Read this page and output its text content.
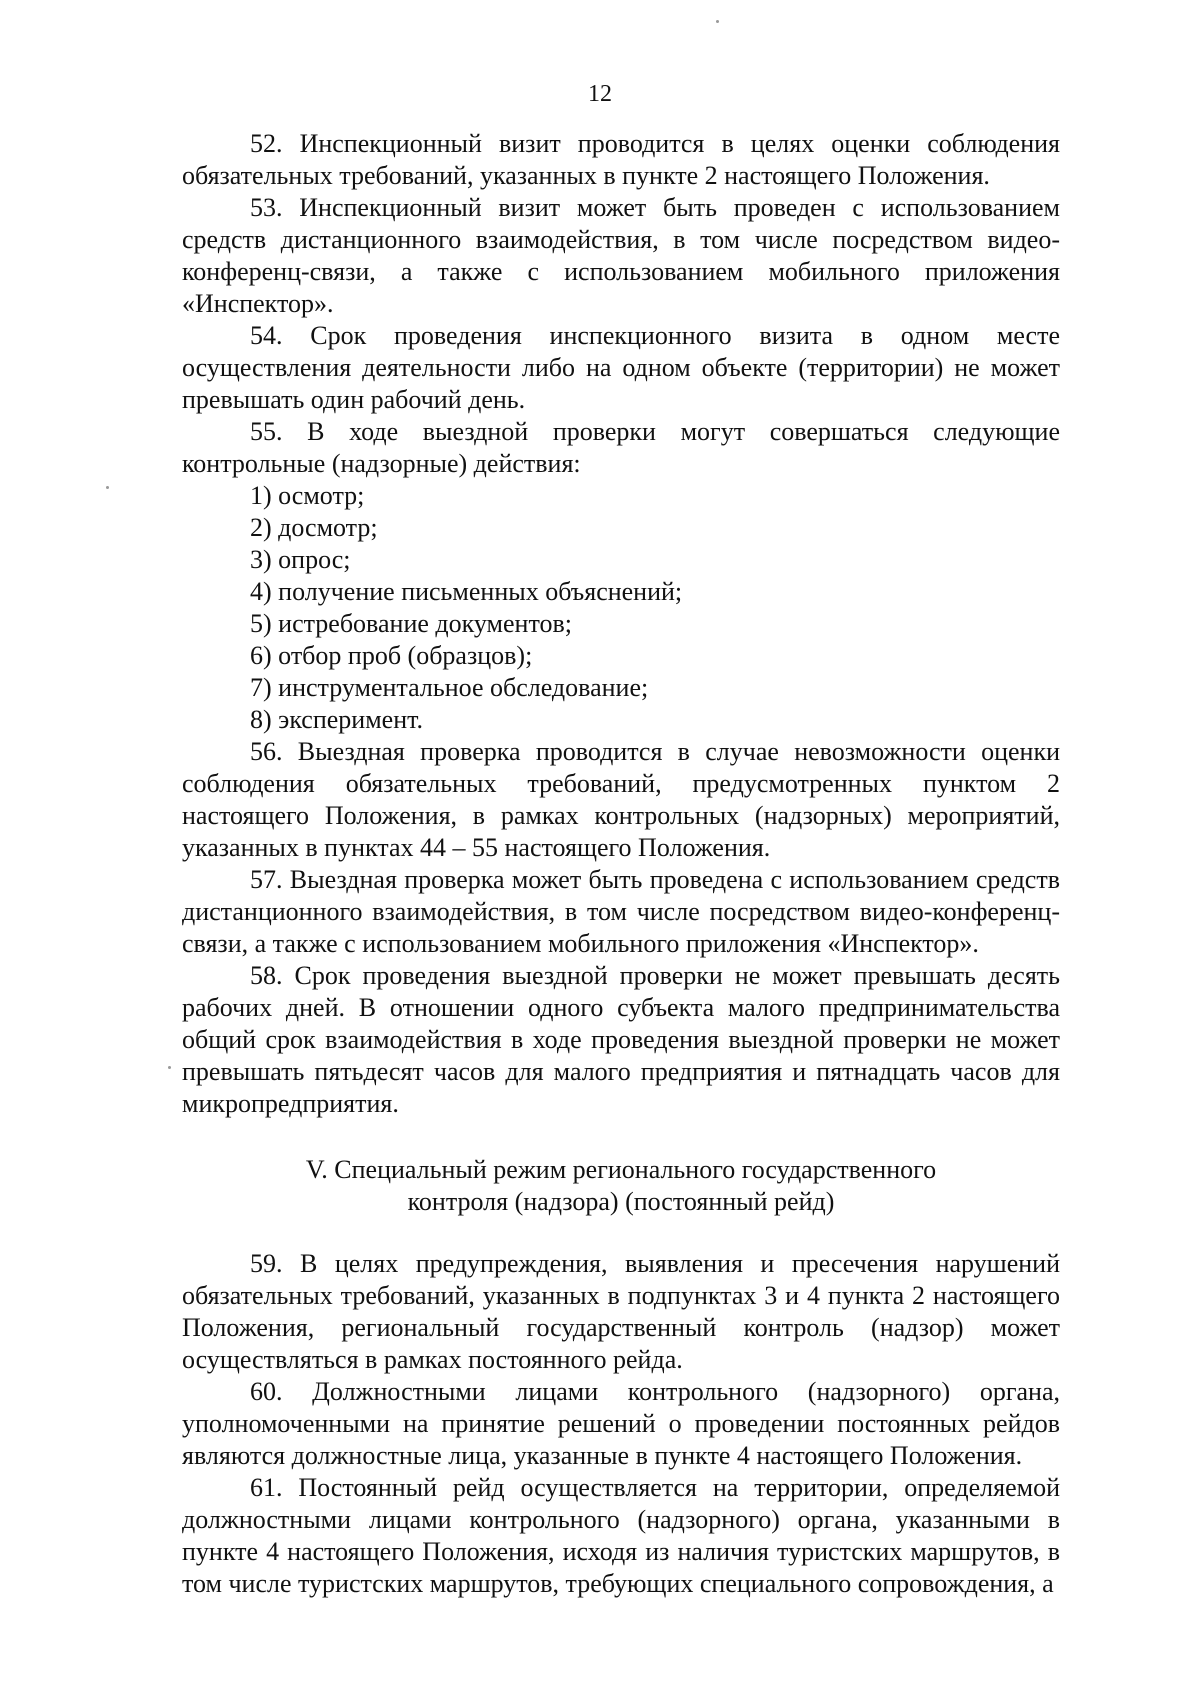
12

52. Инспекционный визит проводится в целях оценки соблюдения обязательных требований, указанных в пункте 2 настоящего Положения.

53. Инспекционный визит может быть проведен с использованием средств дистанционного взаимодействия, в том числе посредством видео-конференц-связи, а также с использованием мобильного приложения «Инспектор».

54. Срок проведения инспекционного визита в одном месте осуществления деятельности либо на одном объекте (территории) не может превышать один рабочий день.

55. В ходе выездной проверки могут совершаться следующие контрольные (надзорные) действия:

1) осмотр;

2) досмотр;

3) опрос;

4) получение письменных объяснений;

5) истребование документов;

6) отбор проб (образцов);

7) инструментальное обследование;

8) эксперимент.

56. Выездная проверка проводится в случае невозможности оценки соблюдения обязательных требований, предусмотренных пунктом 2 настоящего Положения, в рамках контрольных (надзорных) мероприятий, указанных в пунктах 44 – 55 настоящего Положения.

57. Выездная проверка может быть проведена с использованием средств дистанционного взаимодействия, в том числе посредством видео-конференц-связи, а также с использованием мобильного приложения «Инспектор».

58. Срок проведения выездной проверки не может превышать десять рабочих дней. В отношении одного субъекта малого предпринимательства общий срок взаимодействия в ходе проведения выездной проверки не может превышать пятьдесят часов для малого предприятия и пятнадцать часов для микропредприятия.

V. Специальный режим регионального государственного
контроля (надзора) (постоянный рейд)

59. В целях предупреждения, выявления и пресечения нарушений обязательных требований, указанных в подпунктах 3 и 4 пункта 2 настоящего Положения, региональный государственный контроль (надзор) может осуществляться в рамках постоянного рейда.

60. Должностными лицами контрольного (надзорного) органа, уполномоченными на принятие решений о проведении постоянных рейдов являются должностные лица, указанные в пункте 4 настоящего Положения.

61. Постоянный рейд осуществляется на территории, определяемой должностными лицами контрольного (надзорного) органа, указанными в пункте 4 настоящего Положения, исходя из наличия туристских маршрутов, в том числе туристских маршрутов, требующих специального сопровождения, а
